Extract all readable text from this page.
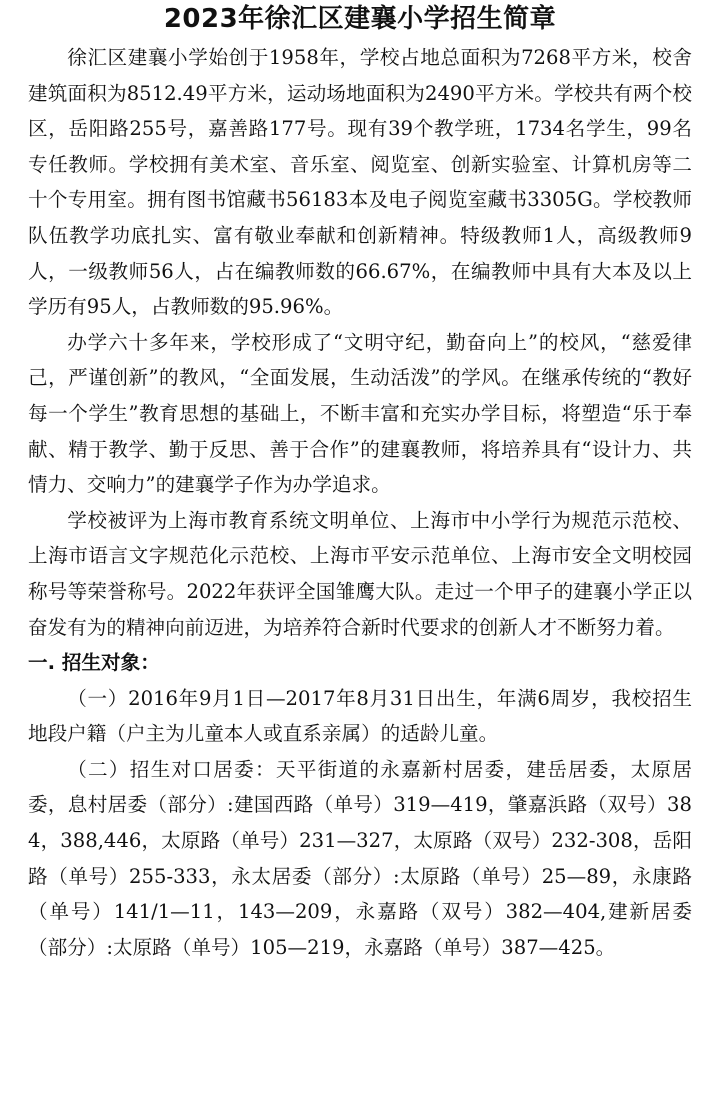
2023年徐汇区建襄小学招生简章

徐汇区建襄小学始创于1958年，学校占地总面积为7268平方米，校舍建筑面积为8512.49平方米，运动场地面积为2490平方米。学校共有两个校区，岳阳路255号，嘉善路177号。现有39个教学班，1734名学生，99名专任教师。学校拥有美术室、音乐室、阅览室、创新实验室、计算机房等二十个专用室。拥有图书馆藏书56183本及电子阅览室藏书3305G。学校教师队伍教学功底扎实、富有敬业奉献和创新精神。特级教师1人，高级教师9人，一级教师56人，占在编教师数的66.67%，在编教师中具有大本及以上学历有95人，占教师数的95.96%。

办学六十多年来，学校形成了“文明守纪，勤奋向上”的校风，“慈爱律己，严谨创新”的教风，“全面发展，生动活泼”的学风。在继承传统的“教好每一个学生”教育思想的基础上，不断丰富和充实办学目标，将塑造“乐于奉献、精于教学、勤于反思、善于合作”的建襄教师，将培养具有“设计力、共情力、交响力”的建襄学子作为办学追求。

学校被评为上海市教育系统文明单位、上海市中小学行为规范示范校、上海市语言文字规范化示范校、上海市平安示范单位、上海市安全文明校园称号等荣誉称号。2022年获评全国雏鹰大队。走过一个甲子的建襄小学正以奋发有为的精神向前迈进，为培养符合新时代要求的创新人才不断努力着。

一. 招生对象：

（一）2016年9月1日—2017年8月31日出生，年满6周岁，我校招生地段户籍（户主为儿童本人或直系亲属）的适龄儿童。

（二）招生对口居委：天平街道的永嘉新村居委，建岳居委，太原居委，息村居委（部分）:建国西路（单号）319—419，肇嘉浜路（双号）384，388,446，太原路（单号）231—327，太原路（双号）232-308，岳阳路（单号）255-333，永太居委（部分）:太原路（单号）25—89，永康路（单号）141/1—11，143—209，永嘉路（双号）382—404,建新居委（部分）:太原路（单号）105—219，永嘉路（单号）387—425。
